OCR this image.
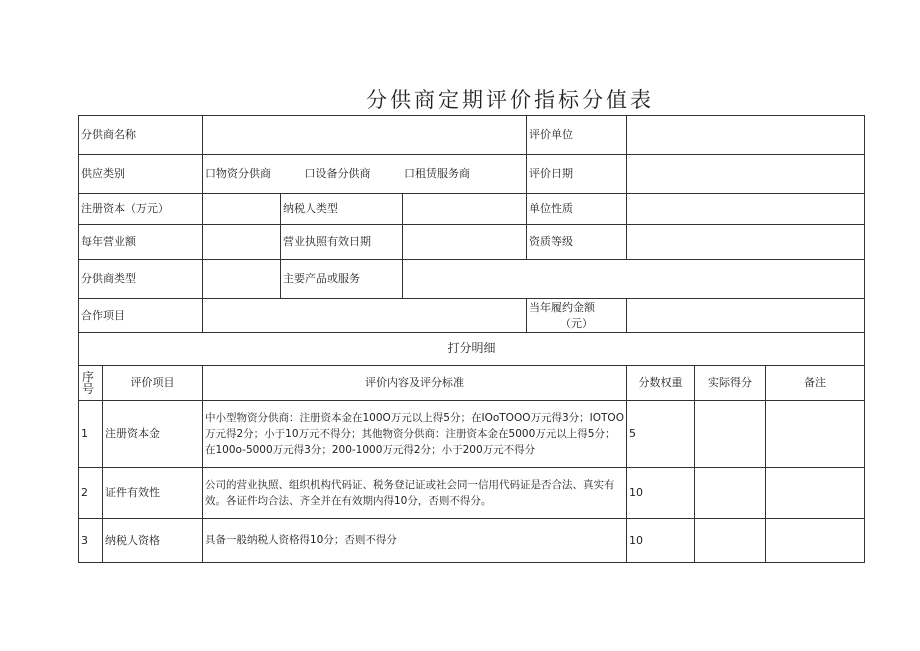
分供商定期评价指标分值表
分供商名称					评价单位			
供应类别		口物资分供商 口设备分供商 口租赁服务商			评价日期			
注册资本（万元）			纳税人类型		单位性质			
每年营业额			营业执照有效日期		资质等级			
分供商类型			主要产品或服务					
合作项目					当年履约金额
（元）			

打分明细								

序
号	评价项目	评价内容及评分标准				分数权重	实际得分	备注
1	注册资本金	中小型物资分供商：注册资本金在100O万元以上得5分；在IOoTOOO万元得3分；IOTOO万元得2分；小于10万元不得分；其他物资分供商：注册资本金在5000万元以上得5分；在100o-5000万元得3分；200-1000万元得2分；小于200万元不得分				5		
2	证件有效性	公司的营业执照、组织机构代码证、税务登记证或社会同一信用代码证是否合法、真实有效。各证件均合法、齐全并在有效期内得10分，否则不得分。				10		
3	纳税人资格	具备一般纳税人资格得10分；否则不得分				10		
